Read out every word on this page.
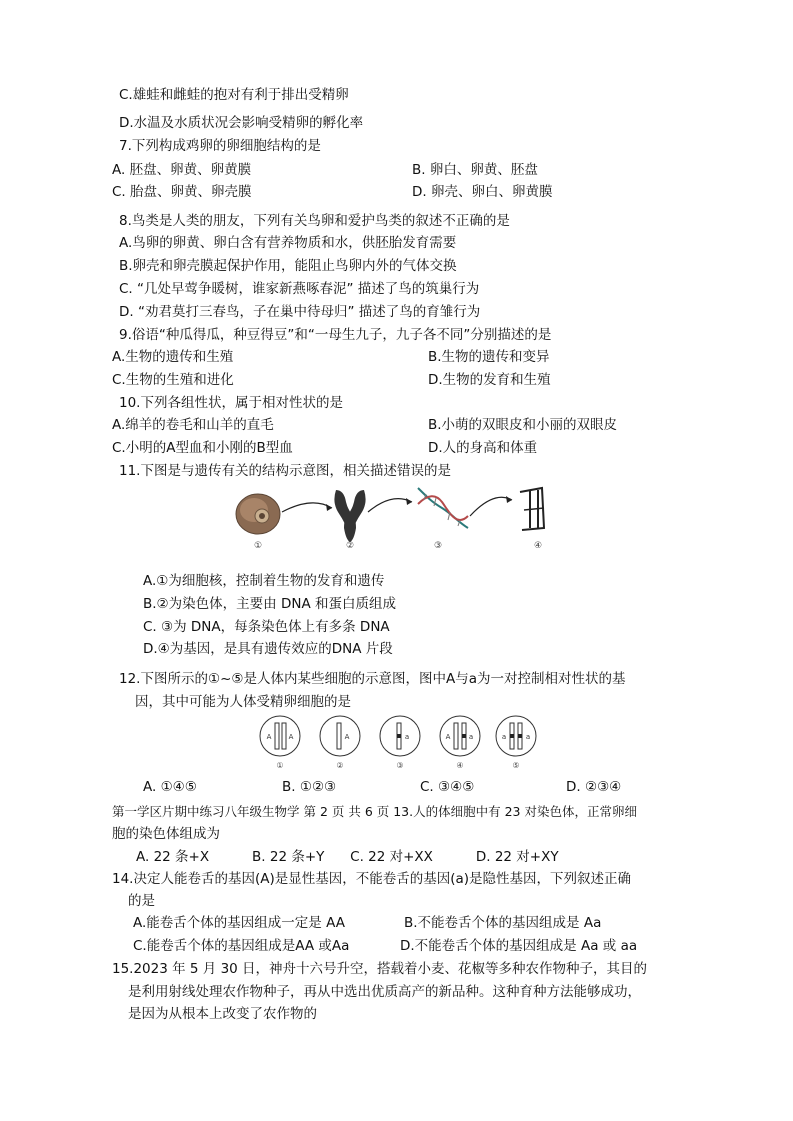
C.雄蛙和雌蛙的抱对有利于排出受精卵
D.水温及水质状况会影响受精卵的孵化率
7.下列构成鸡卵的卵细胞结构的是
A. 胚盘、卵黄、卵黄膜	B. 卵白、卵黄、胚盘
C. 胎盘、卵黄、卵壳膜	D. 卵壳、卵白、卵黄膜
8.鸟类是人类的朋友，下列有关鸟卵和爱护鸟类的叙述不正确的是
A.鸟卵的卵黄、卵白含有营养物质和水，供胚胎发育需要
B.卵壳和卵壳膜起保护作用，能阻止鸟卵内外的气体交换
C. “几处早莺争暖树，谁家新燕啄春泥” 描述了鸟的筑巢行为
D. “劝君莫打三春鸟，子在巢中待母归” 描述了鸟的育雏行为
9.俗语“种瓜得瓜，种豆得豆”和“一母生九子，九子各不同”分别描述的是
A.生物的遗传和生殖	B.生物的遗传和变异
C.生物的生殖和进化	D.生物的发育和生殖
10.下列各组性状，属于相对性状的是
A.绵羊的卷毛和山羊的直毛	B.小萌的双眼皮和小丽的双眼皮
C.小明的A型血和小刚的B型血	D.人的身高和体重
11.下图是与遗传有关的结构示意图，相关描述错误的是
①	②	③	④
A.①为细胞核，控制着生物的发育和遗传
B.②为染色体，主要由 DNA 和蛋白质组成
C. ③为 DNA，每条染色体上有多条 DNA
D.④为基因，是具有遗传效应的DNA 片段
12.下图所示的①~⑤是人体内某些细胞的示意图，图中A与a为一对控制相对性状的基
因，其中可能为人体受精卵细胞的是
A A
①
A
②
a
③
A	a
④
a	a
⑤
A. ①④⑤	B. ①②③	C. ③④⑤	D. ②③④
第一学区片期中练习八年级生物学 第 2 页 共 6 页 13.人的体细胞中有 23 对染色体，正常卵细
胞的染色体组成为
A. 22 条+X          B. 22 条+Y      C. 22 对+XX          D. 22 对+XY
14.决定人能卷舌的基因(A)是显性基因，不能卷舌的基因(a)是隐性基因，下列叙述正确
的是
A.能卷舌个体的基因组成一定是 AA	B.不能卷舌个体的基因组成是 Aa
C.能卷舌个体的基因组成是AA 或Aa	D.不能卷舌个体的基因组成是 Aa 或 aa
15.2023 年 5 月 30 日，神舟十六号升空，搭载着小麦、花椒等多种农作物种子，其目的
是利用射线处理农作物种子，再从中选出优质高产的新品种。这种育种方法能够成功，
是因为从根本上改变了农作物的
